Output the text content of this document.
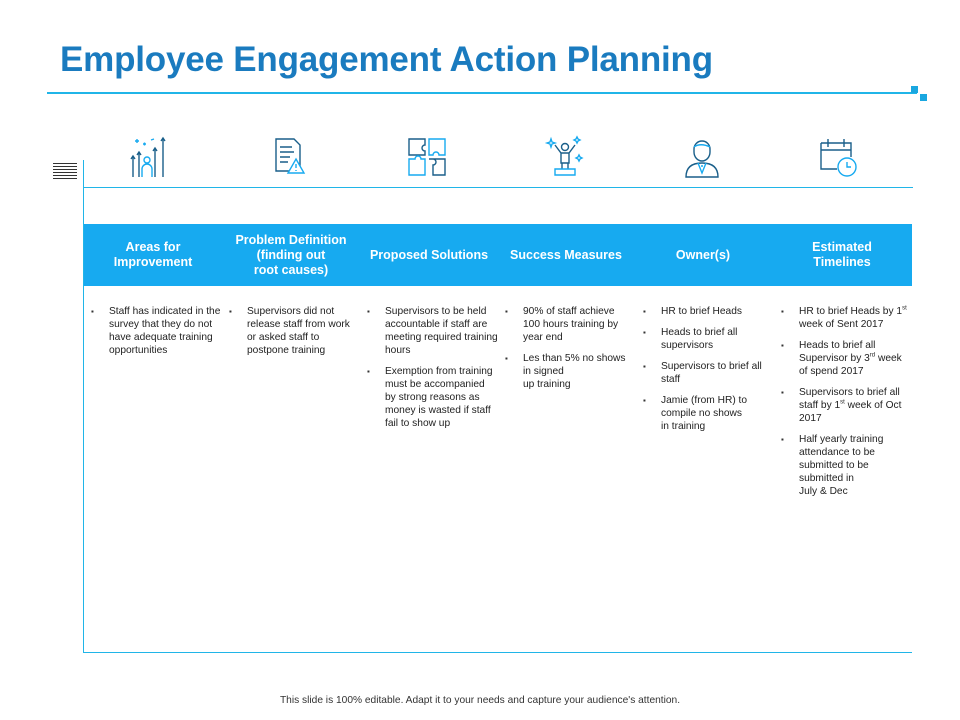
Employee Engagement Action Planning
Areas for
Improvement
Problem Definition
(finding out
root causes)
Proposed Solutions Success Measures	Owner(s)
Estimated
Timelines
▪ Staff has indicated in the survey that they do not have adequate training opportunities
▪ Supervisors did not release staff from work or asked staff to postpone training
▪ Supervisors to be held accountable if staff are meeting required training hours
▪ Exemption from training must be accompanied by strong reasons as money is wasted if staff fail to show up
▪ 90% of staff achieve 100 hours training by year end
▪ Les than 5% no shows in signed
up training
▪ HR to brief Heads
▪ Heads to brief all supervisors
▪ Supervisors to brief all staff
▪ Jamie (from HR) to compile no shows
in training
▪ HR to brief Heads by 1st week of Sent 2017
▪ Heads to brief all Supervisor by 3rd week of spend 2017
▪ Supervisors to brief all staff by 1st week of Oct 2017
▪ Half yearly training attendance to be submitted to be submitted in
July & Dec
This slide is 100% editable. Adapt it to your needs and capture your audience's attention.
